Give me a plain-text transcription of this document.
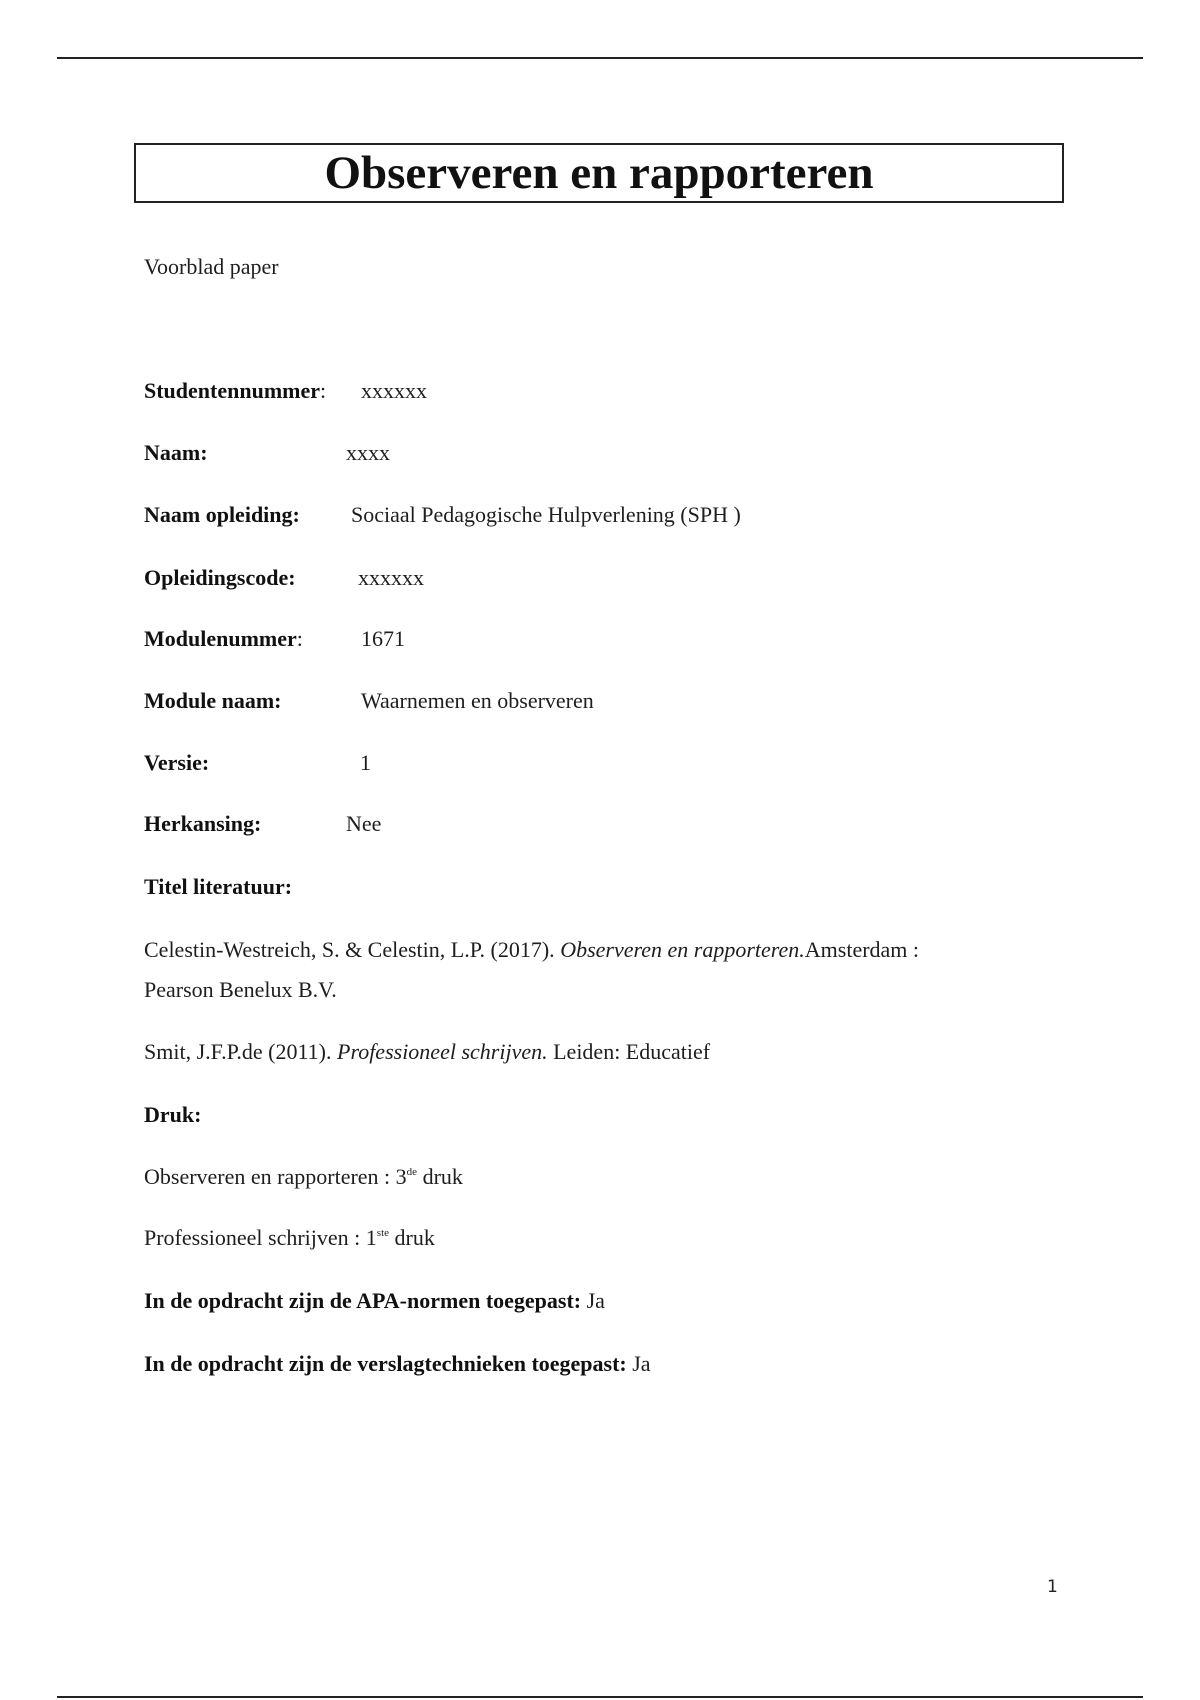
Observeren en rapporteren
Voorblad paper
Studentennummer: xxxxxx
Naam:	xxxx
Naam opleiding: Sociaal Pedagogische Hulpverlening (SPH )
Opleidingscode:	xxxxxx
Modulenummer:	1671
Module naam:	Waarnemen en observeren
Versie:	1
Herkansing:	Nee
Titel literatuur:
Celestin-Westreich, S. & Celestin, L.P. (2017). Observeren en rapporteren.Amsterdam :
Pearson Benelux B.V.
Smit, J.F.P.de (2011). Professioneel schrijven. Leiden: Educatief
Druk:
Observeren en rapporteren : 3de druk
Professioneel schrijven : 1ste druk
In de opdracht zijn de APA-normen toegepast: Ja
In de opdracht zijn de verslagtechnieken toegepast: Ja
1
